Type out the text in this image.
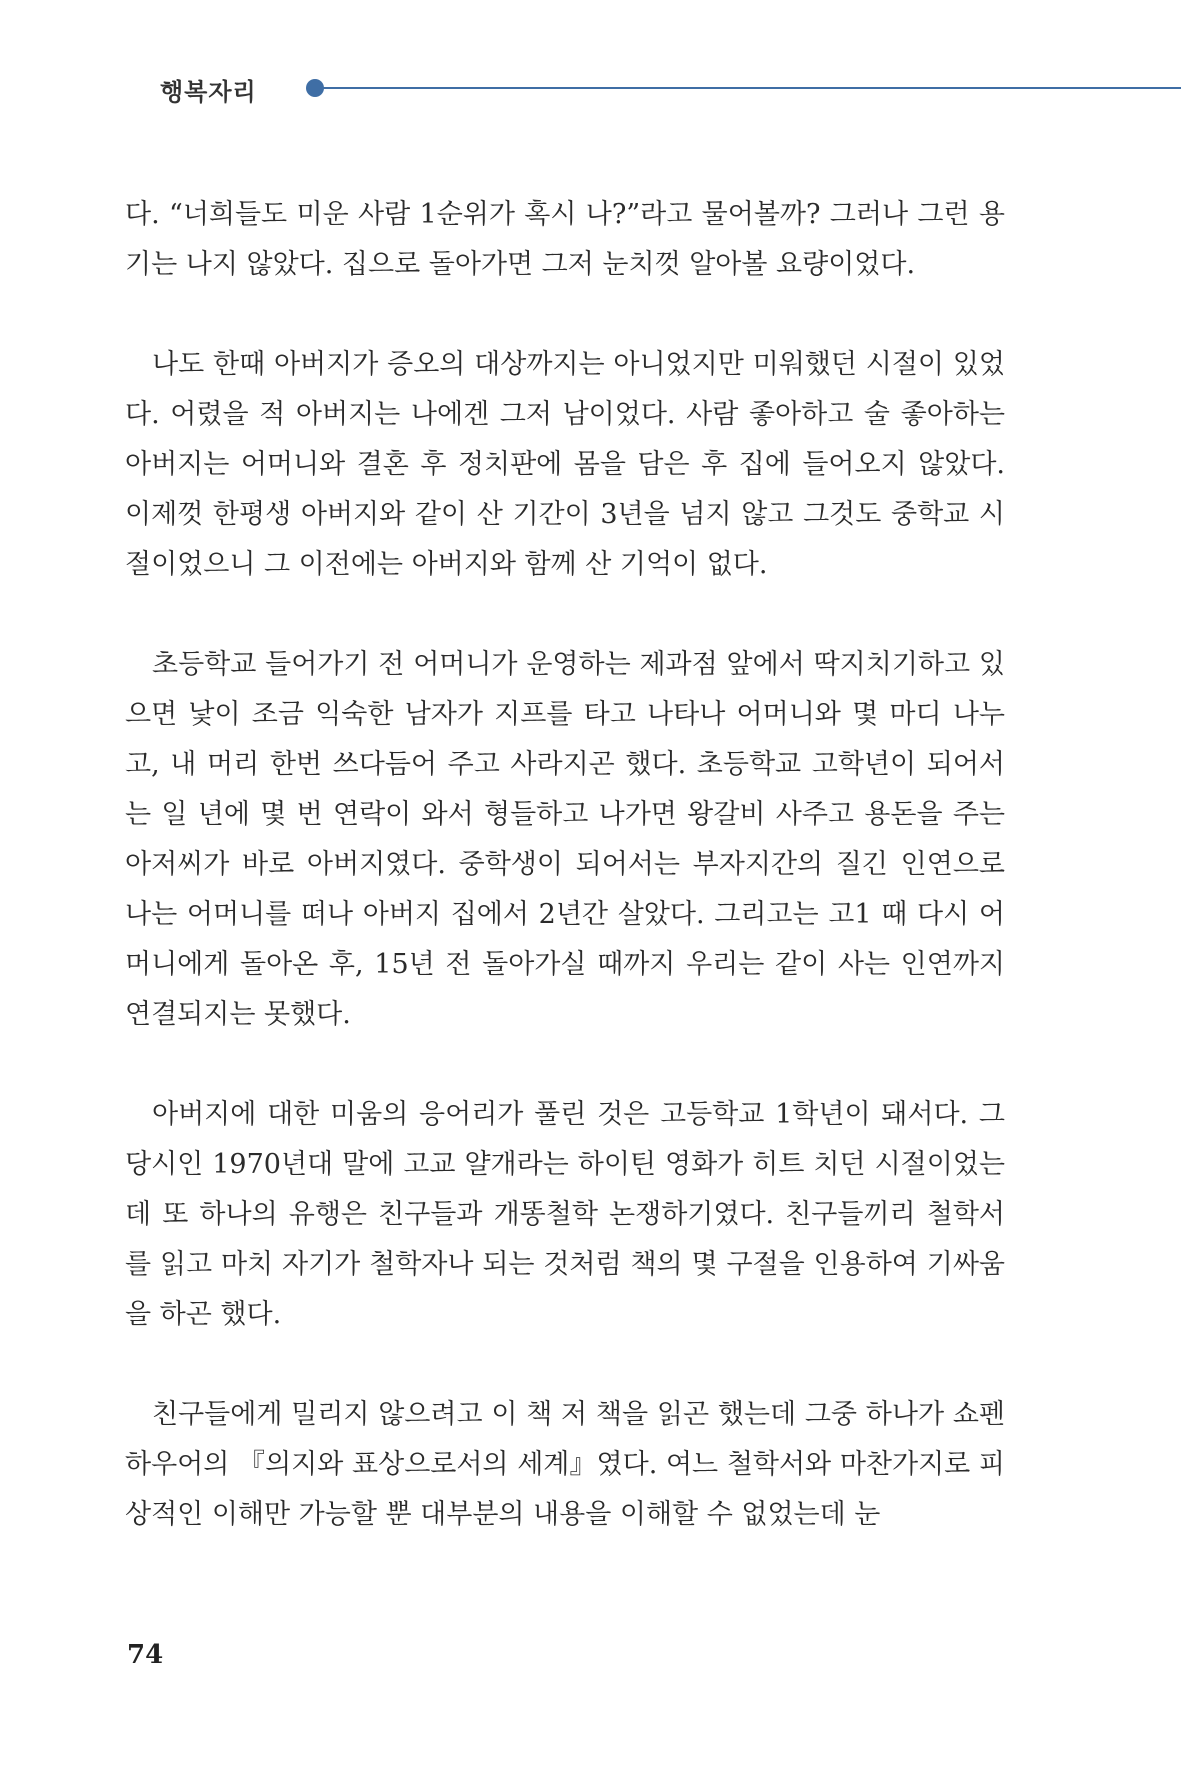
행복자리

다. “너희들도 미운 사람 1순위가 혹시 나?”라고 물어볼까? 그러나 그런 용기는 나지 않았다. 집으로 돌아가면 그저 눈치껏 알아볼 요량이었다.

나도 한때 아버지가 증오의 대상까지는 아니었지만 미워했던 시절이 있었다. 어렸을 적 아버지는 나에겐 그저 남이었다. 사람 좋아하고 술 좋아하는 아버지는 어머니와 결혼 후 정치판에 몸을 담은 후 집에 들어오지 않았다. 이제껏 한평생 아버지와 같이 산 기간이 3년을 넘지 않고 그것도 중학교 시절이었으니 그 이전에는 아버지와 함께 산 기억이 없다.

초등학교 들어가기 전 어머니가 운영하는 제과점 앞에서 딱지치기하고 있으면 낯이 조금 익숙한 남자가 지프를 타고 나타나 어머니와 몇 마디 나누고, 내 머리 한번 쓰다듬어 주고 사라지곤 했다. 초등학교 고학년이 되어서는 일 년에 몇 번 연락이 와서 형들하고 나가면 왕갈비 사주고 용돈을 주는 아저씨가 바로 아버지였다. 중학생이 되어서는 부자지간의 질긴 인연으로 나는 어머니를 떠나 아버지 집에서 2년간 살았다. 그리고는 고1 때 다시 어머니에게 돌아온 후, 15년 전 돌아가실 때까지 우리는 같이 사는 인연까지 연결되지는 못했다.

아버지에 대한 미움의 응어리가 풀린 것은 고등학교 1학년이 돼서다. 그 당시인 1970년대 말에 고교 얄개라는 하이틴 영화가 히트 치던 시절이었는데 또 하나의 유행은 친구들과 개똥철학 논쟁하기였다. 친구들끼리 철학서를 읽고 마치 자기가 철학자나 되는 것처럼 책의 몇 구절을 인용하여 기싸움을 하곤 했다.

친구들에게 밀리지 않으려고 이 책 저 책을 읽곤 했는데 그중 하나가 쇼펜하우어의 『의지와 표상으로서의 세계』였다. 여느 철학서와 마찬가지로 피상적인 이해만 가능할 뿐 대부분의 내용을 이해할 수 없었는데 눈

74
